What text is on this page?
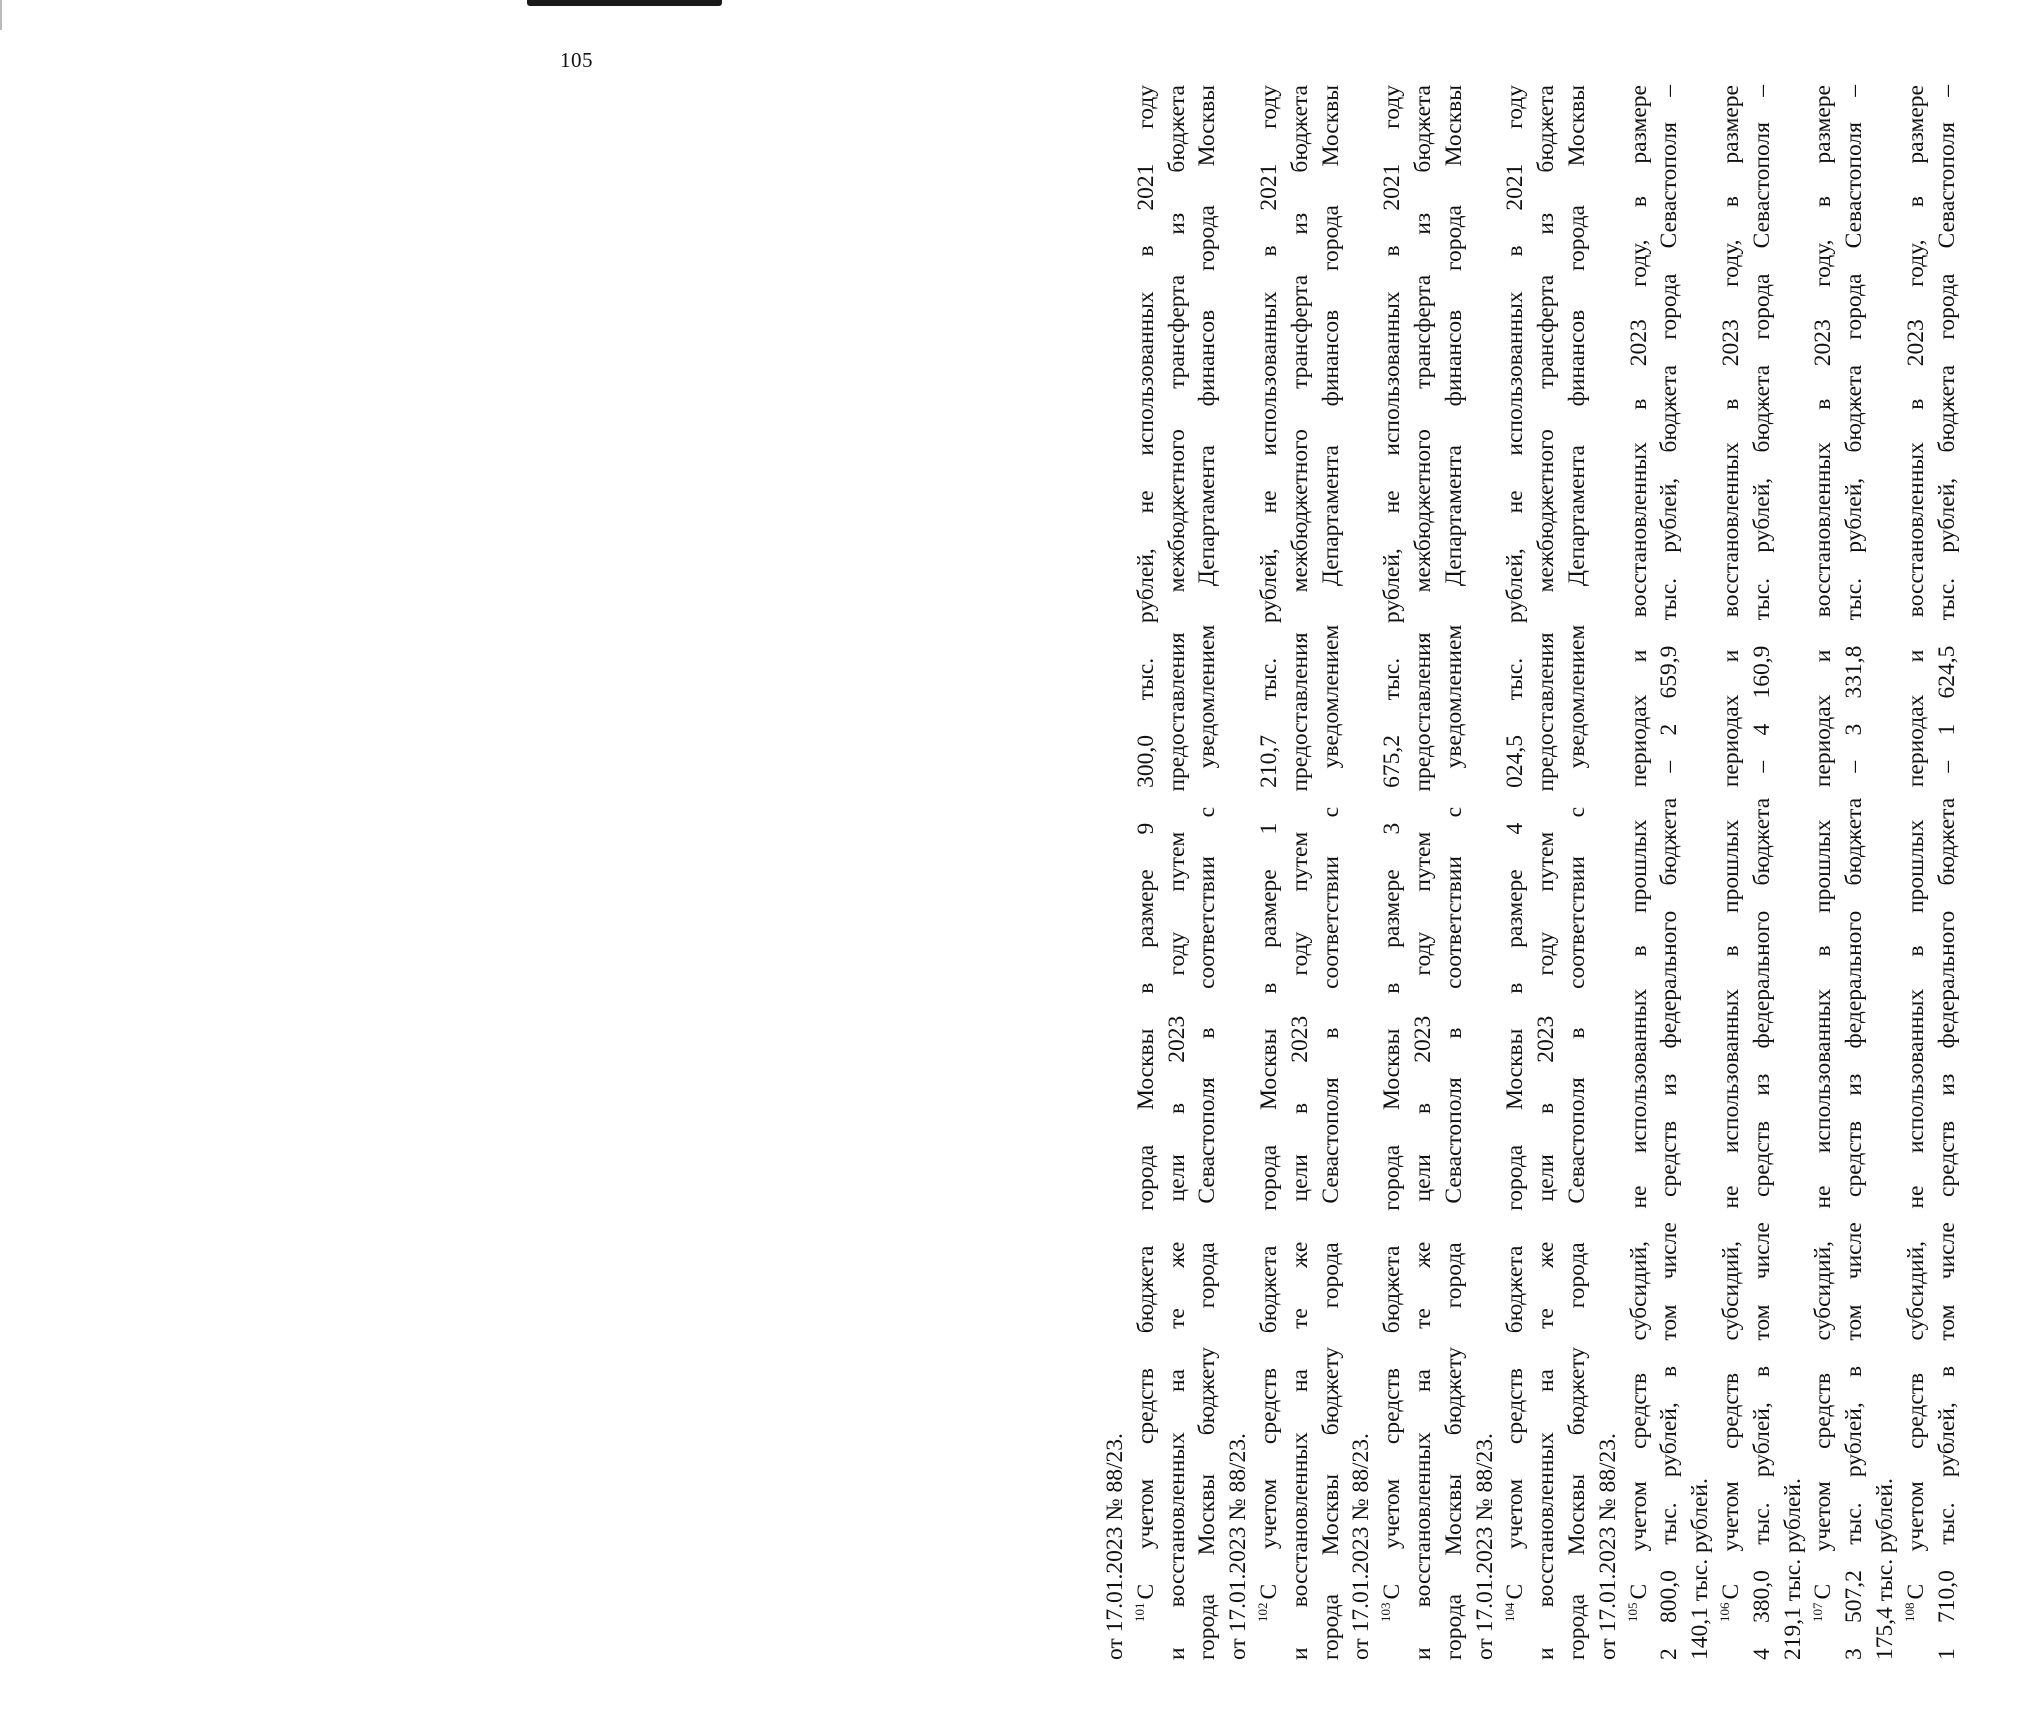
105
от 17.01.2023 № 88/23. $^{101}$С учетом средств бюджета города Москвы в размере 9 300,0 тыс. рублей, не использованных в 2021 году и восстановленных на те же цели в 2023 году путем предоставления межбюджетного трансферта из бюджета города Москвы бюджету города Севастополя в соответствии с уведомлением Департамента финансов города Москвы от 17.01.2023 № 88/23. $^{102}$С учетом средств бюджета города Москвы в размере 1 210,7 тыс. рублей, не использованных в 2021 году и восстановленных на те же цели в 2023 году путем предоставления межбюджетного трансферта из бюджета города Москвы бюджету города Севастополя в соответствии с уведомлением Департамента финансов города Москвы от 17.01.2023 № 88/23. $^{103}$С учетом средств бюджета города Москвы в размере 3 675,2 тыс. рублей, не использованных в 2021 году и восстановленных на те же цели в 2023 году путем предоставления межбюджетного трансферта из бюджета города Москвы бюджету города Севастополя в соответствии с уведомлением Департамента финансов города Москвы от 17.01.2023 № 88/23. $^{104}$С учетом средств бюджета города Москвы в размере 4 024,5 тыс. рублей, не использованных в 2021 году и восстановленных на те же цели в 2023 году путем предоставления межбюджетного трансферта из бюджета города Москвы бюджету города Севастополя в соответствии с уведомлением Департамента финансов города Москвы от 17.01.2023 № 88/23. $^{105}$С учетом средств субсидий, не использованных в прошлых периодах и восстановленных в 2023 году, в размере 2 800,0 тыс. рублей, в том числе средств из федерального бюджета – 2 659,9 тыс. рублей, бюджета города Севастополя – 140,1 тыс. рублей. $^{106}$С учетом средств субсидий, не использованных в прошлых периодах и восстановленных в 2023 году, в размере 4 380,0 тыс. рублей, в том числе средств из федерального бюджета – 4 160,9 тыс. рублей, бюджета города Севастополя – 219,1 тыс. рублей. $^{107}$С учетом средств субсидий, не использованных в прошлых периодах и восстановленных в 2023 году, в размере 3 507,2 тыс. рублей, в том числе средств из федерального бюджета – 3 331,8 тыс. рублей, бюджета города Севастополя – 175,4 тыс. рублей. $^{108}$С учетом средств субсидий, не использованных в прошлых периодах и восстановленных в 2023 году, в размере 1 710,0 тыс. рублей, в том числе средств из федерального бюджета – 1 624,5 тыс. рублей, бюджета города Севастополя –
